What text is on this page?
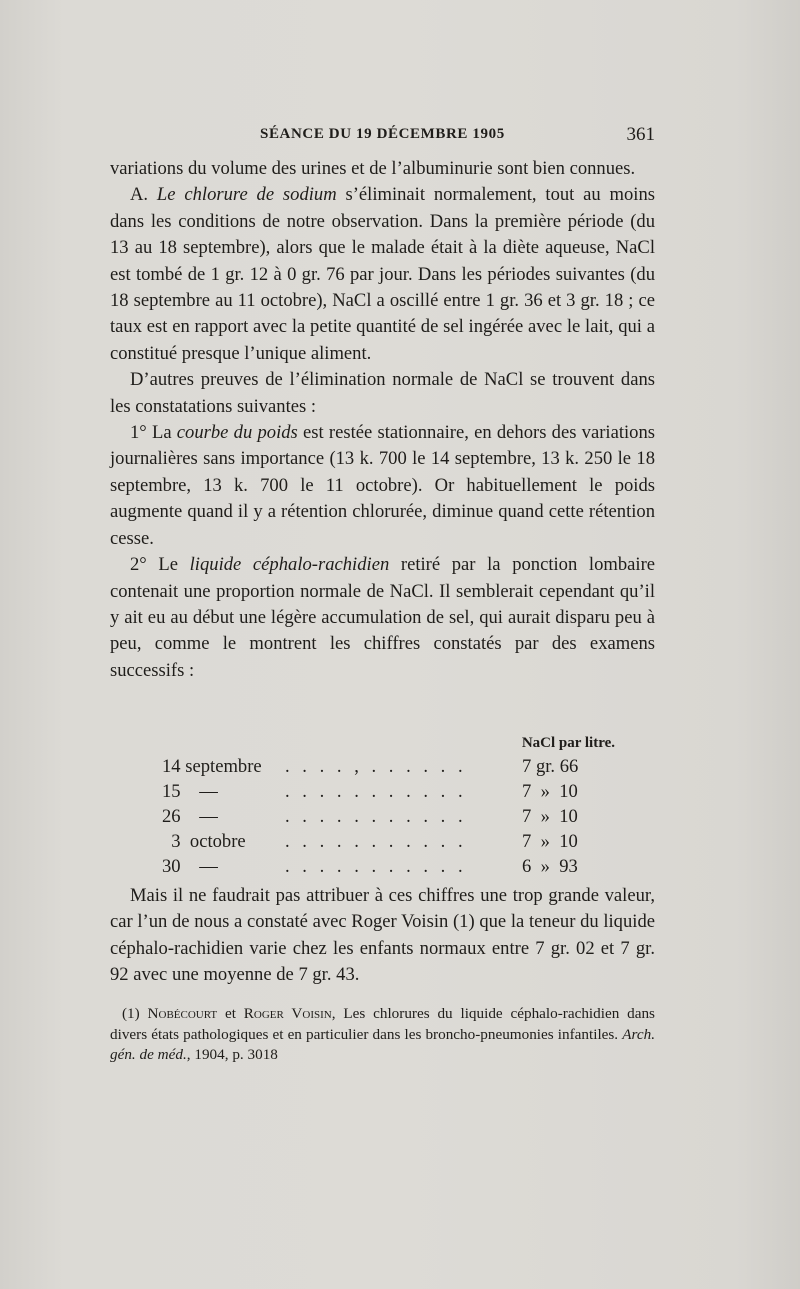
SÉANCE DU 19 DÉCEMBRE 1905	361

variations du volume des urines et de l’albuminurie sont bien connues.

A. Le chlorure de sodium s’éliminait normalement, tout au moins dans les conditions de notre observation. Dans la première période (du 13 au 18 septembre), alors que le malade était à la diète aqueuse, NaCl est tombé de 1 gr. 12 à 0 gr. 76 par jour. Dans les périodes suivantes (du 18 septembre au 11 octobre), NaCl a oscillé entre 1 gr. 36 et 3 gr. 18 ; ce taux est en rapport avec la petite quantité de sel ingérée avec le lait, qui a constitué presque l’unique aliment.

D’autres preuves de l’élimination normale de NaCl se trouvent dans les constatations suivantes :

1° La courbe du poids est restée stationnaire, en dehors des variations journalières sans importance (13 k. 700 le 14 septembre, 13 k. 250 le 18 septembre, 13 k. 700 le 11 octobre). Or habituellement le poids augmente quand il y a rétention chlorurée, diminue quand cette rétention cesse.

2° Le liquide céphalo-rachidien retiré par la ponction lombaire contenait une proportion normale de NaCl. Il semblerait cependant qu’il y ait eu au début une légère accumulation de sel, qui aurait disparu peu à peu, comme le montrent les chiffres constatés par des examens successifs :

NaCl par litre.
14 septembre . . . . , . . . . . .	7 gr. 66
15    —	. . . . . . . . . . .	7  »  10
26    —	. . . . . . . . . . .	7  »  10
3  octobre . . . . . . . . . . .	7  »  10
30    —	. . . . . . . . . . .	6  »  93

Mais il ne faudrait pas attribuer à ces chiffres une trop grande valeur, car l’un de nous a constaté avec Roger Voisin (1) que la teneur du liquide céphalo-rachidien varie chez les enfants normaux entre 7 gr. 02 et 7 gr. 92 avec une moyenne de 7 gr. 43.

(1) Nobécourt et Roger Voisin, Les chlorures du liquide céphalo-rachidien dans divers états pathologiques et en particulier dans les broncho-pneumonies infantiles. Arch. gén. de méd., 1904, p. 3018
